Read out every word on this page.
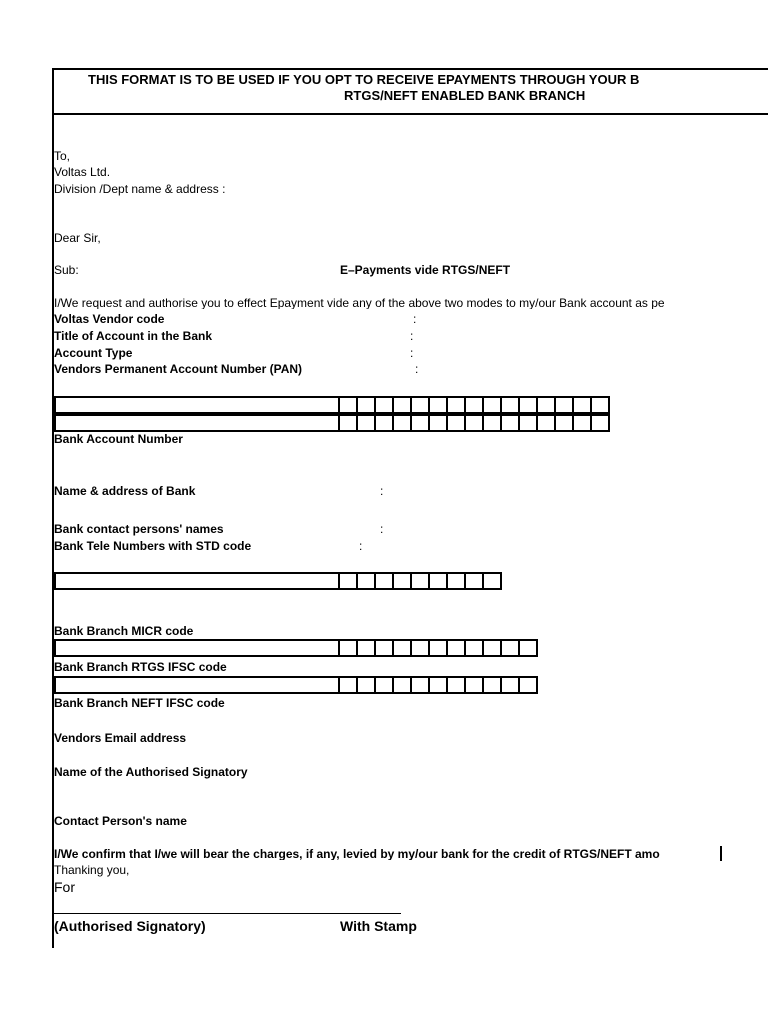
THIS FORMAT IS TO BE USED IF YOU OPT TO RECEIVE EPAYMENTS THROUGH YOUR B
RTGS/NEFT ENABLED BANK BRANCH
To,
Voltas Ltd.
Division /Dept name & address :
Dear Sir,
Sub:	E–Payments vide RTGS/NEFT
I/We request and authorise you to effect Epayment vide any of the above two modes to my/our Bank account as pe
Voltas Vendor code	:
Title of Account in the Bank	:
Account Type	:
Vendors Permanent Account Number (PAN)	:
Bank Account Number
Name & address of Bank	:
Bank contact persons' names	:
Bank Tele Numbers with STD code	:
Bank Branch MICR code
Bank Branch RTGS IFSC code
Bank Branch NEFT IFSC code
Vendors Email address
Name of the Authorised Signatory
Contact Person's name
I/We confirm that I/we will bear the charges, if any, levied by my/our bank for the credit of RTGS/NEFT amo
Thanking you,
For
(Authorised Signatory)	With Stamp
